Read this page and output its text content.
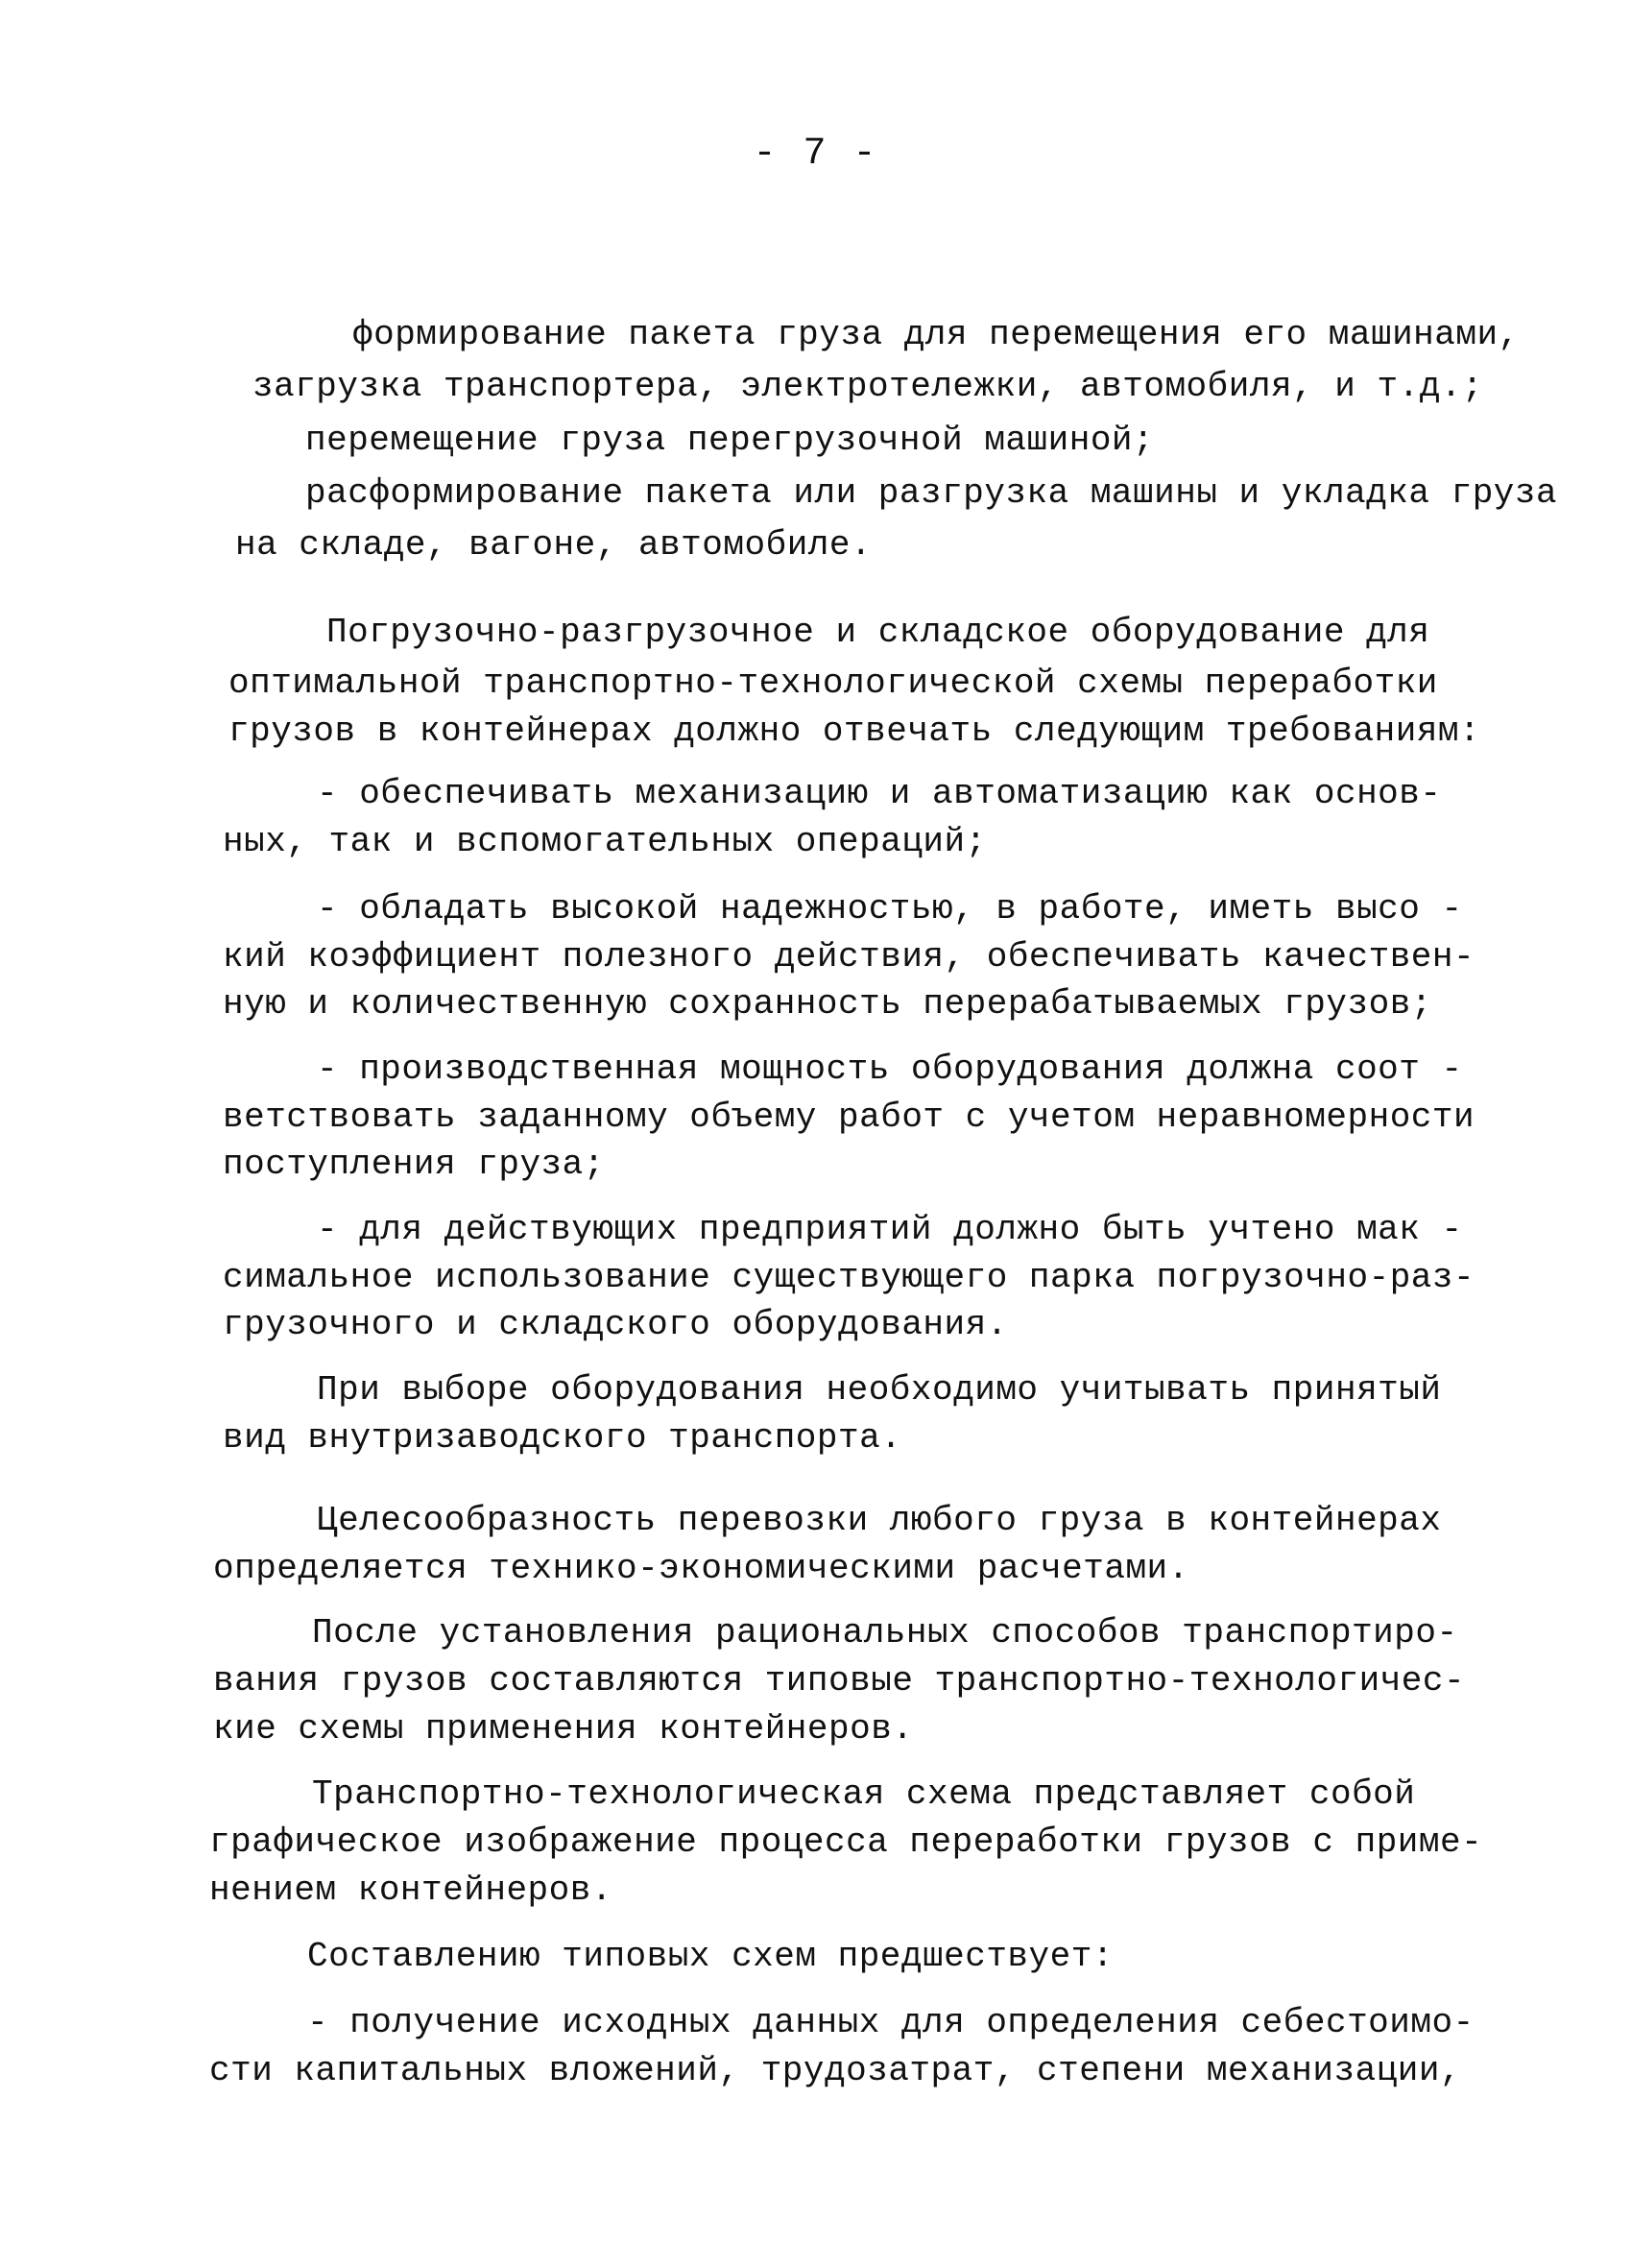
- 7 -
формирование пакета груза для перемещения его машинами,
загрузка транспортера, электротележки, автомобиля, и т.д.;
перемещение груза перегрузочной машиной;
расформирование пакета или разгрузка машины и укладка груза
на складе, вагоне, автомобиле.
Погрузочно-разгрузочное и складское оборудование для
оптимальной транспортно-технологической схемы переработки
грузов в контейнерах должно отвечать следующим требованиям:
- обеспечивать механизацию и автоматизацию как основ-
ных, так и вспомогательных операций;
- обладать высокой надежностью, в работе, иметь высо -
кий коэффициент полезного действия, обеспечивать качествен-
ную и количественную сохранность перерабатываемых грузов;
- производственная мощность оборудования должна соот -
ветствовать заданному объему работ с учетом неравномерности
поступления груза;
- для действующих предприятий должно быть учтено мак -
симальное использование существующего парка погрузочно-раз-
грузочного и складского оборудования.
При выборе оборудования необходимо учитывать принятый
вид внутризаводского транспорта.
Целесообразность перевозки любого груза в контейнерах
определяется технико-экономическими расчетами.
После установления рациональных способов транспортиро-
вания грузов составляются типовые транспортно-технологичес-
кие схемы применения контейнеров.
Транспортно-технологическая схема представляет собой
графическое изображение процесса переработки грузов с приме-
нением контейнеров.
Составлению типовых схем предшествует:
- получение исходных данных для определения себестоимо-
сти капитальных вложений, трудозатрат, степени механизации,
